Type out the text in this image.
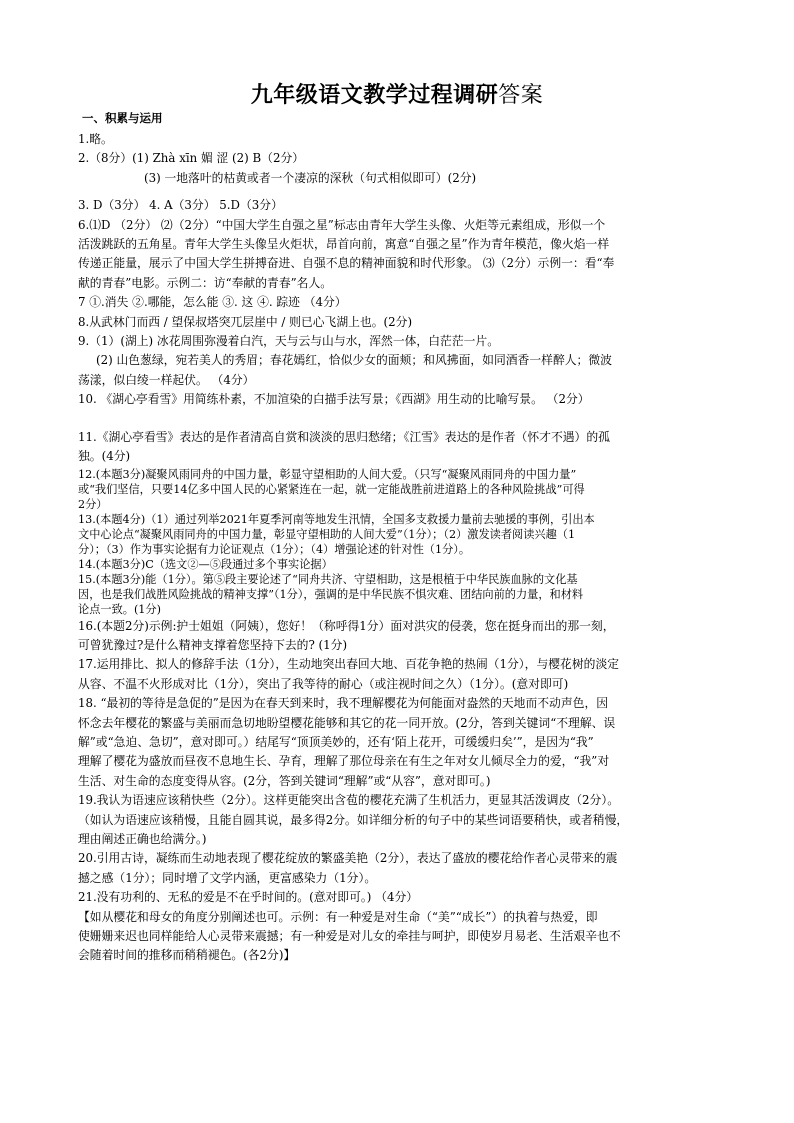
九年级语文教学过程调研答案
一、积累与运用
1.略。
2.（8分）(1) Zhà xīn 媚 涩 (2) B（2分）
(3) 一地落叶的枯黄或者一个凄凉的深秋（句式相似即可）(2分)
3. D（3分） 4. A（3分） 5.D（3分）
6.⑴D （2分） ⑵（2分）“中国大学生自强之星”标志由青年大学生头像、火炬等元素组成，形似一个
活泼跳跃的五角星。青年大学生头像呈火炬状，昂首向前，寓意“自强之星”作为青年模范，像火焰一样
传递正能量，展示了中国大学生拼搏奋进、自强不息的精神面貌和时代形象。 ⑶（2分）示例一：看“奉
献的青春”电影。示例二：访“奉献的青春”名人。
7 ①.消失 ②.哪能，怎么能 ③. 这 ④. 踪迹 （4分）
8.从武林门而西 / 望保叔塔突兀层崖中 / 则已心飞湖上也。(2分)
9.（1）(湖上) 冰花周围弥漫着白汽，天与云与山与水，浑然一体，白茫茫一片。
(2) 山色葱绿，宛若美人的秀眉；春花嫣红，恰似少女的面颊；和风拂面，如同酒香一样醉人；微波
荡漾，似白绫一样起伏。 （4分）
10. 《湖心亭看雪》用简练朴素，不加渲染的白描手法写景；《西湖》用生动的比喻写景。 （2分）
11.《湖心亭看雪》表达的是作者清高自赏和淡淡的思归愁绪；《江雪》表达的是作者（怀才不遇）的孤
独。(4分)
12.(本题3分)凝聚风雨同舟的中国力量，彰显守望相助的人间大爱。（只写“凝聚风雨同舟的中国力量”
或“我们坚信，只要14亿多中国人民的心紧紧连在一起，就一定能战胜前进道路上的各种风险挑战”可得
2分）
13.(本题4分)（1）通过列举2021年夏季河南等地发生汛情，全国多支救援力量前去驰援的事例，引出本
文中心论点“凝聚风雨同舟的中国力量，彰显守望相助的人间大爱”（1分）；（2）激发读者阅读兴趣（1
分）；（3）作为事实论据有力论证观点（1分）；（4）增强论述的针对性（1分）。
14.(本题3分)C（选文②—⑤段通过多个事实论据）
15.(本题3分)能（1分）。第⑤段主要论述了“同舟共济、守望相助，这是根植于中华民族血脉的文化基
因，也是我们战胜风险挑战的精神支撑”（1分），强调的是中华民族不惧灾难、团结向前的力量，和材料
论点一致。(1分)
16.(本题2分)示例:护士姐姐（阿姨），您好！（称呼得1分）面对洪灾的侵袭，您在挺身而出的那一刻，
可曾犹豫过?是什么精神支撑着您坚持下去的? (1分)
17.运用排比、拟人的修辞手法（1分），生动地突出春回大地、百花争艳的热闹（1分），与樱花树的淡定
从容、不温不火形成对比（1分），突出了我等待的耐心（或注视时间之久）（1分）。(意对即可)
18. “最初的等待是急促的”是因为在春天到来时，我不理解樱花为何能面对盎然的天地而不动声色，因
怀念去年樱花的繁盛与美丽而急切地盼望樱花能够和其它的花一同开放。(2分，答到关键词“不理解、误
解”或“急迫、急切”，意对即可。）结尾写“顶顶美妙的，还有‘陌上花开，可缓缓归矣’”，是因为“我”
理解了樱花为盛放而昼夜不息地生长、孕育，理解了那位母亲在有生之年对女儿倾尽全力的爱，“我”对
生活、对生命的态度变得从容。(2分，答到关键词“理解”或“从容”，意对即可。)
19.我认为语速应该稍快些（2分）。这样更能突出含苞的樱花充满了生机活力，更显其活泼调皮（2分）。
（如认为语速应该稍慢，且能自圆其说，最多得2分。如详细分析的句子中的某些词语要稍快，或者稍慢，
理由阐述正确也给满分。)
20.引用古诗，凝练而生动地表现了樱花绽放的繁盛美艳（2分），表达了盛放的樱花给作者心灵带来的震
撼之感（1分）；同时增了文学内涵，更富感染力（1分）。
21.没有功利的、无私的爱是不在乎时间的。(意对即可。) （4分）
【如从樱花和母女的角度分别阐述也可。示例：有一种爱是对生命（“美”“成长”）的执着与热爱，即
使姗姗来迟也同样能给人心灵带来震撼；有一种爱是对儿女的牵挂与呵护，即使岁月易老、生活艰辛也不
会随着时间的推移而稍稍褪色。(各2分)】
